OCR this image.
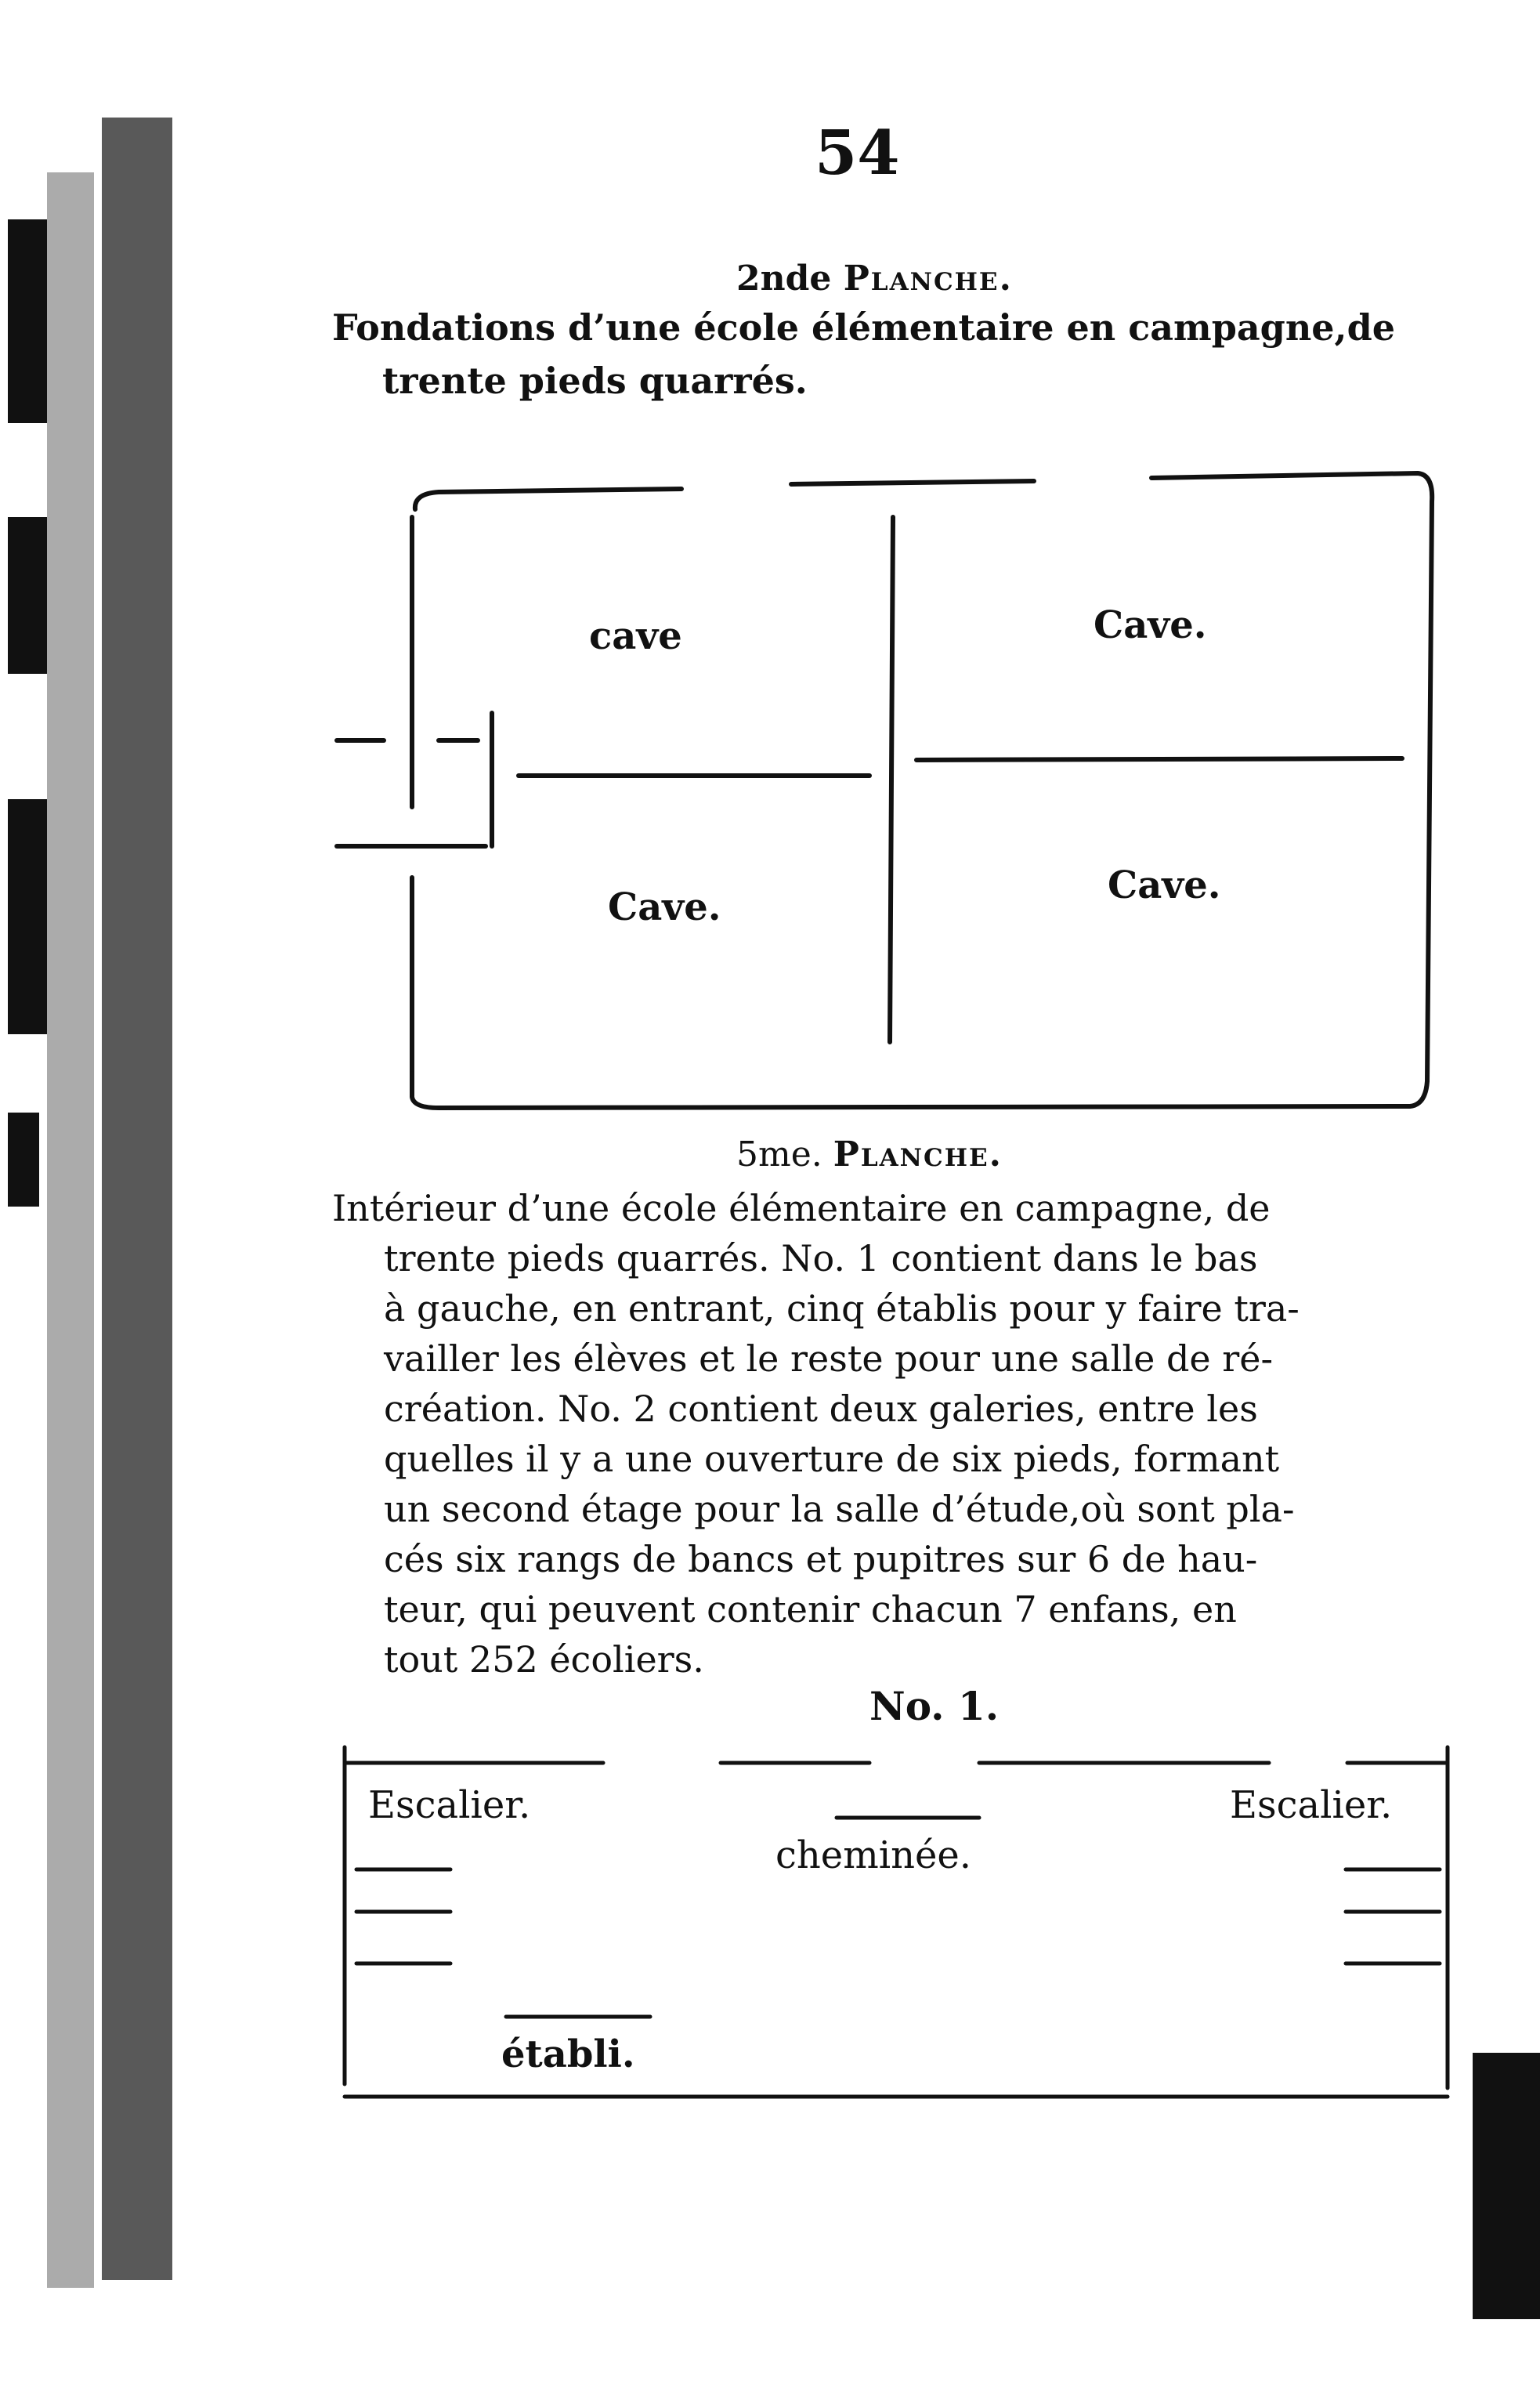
54
2nde Planche.
Fondations d’une école élémentaire en campagne,de
trente pieds quarrés.
cave	Cave.
Cave.	Cave.
5me. Planche.
Intérieur d’une école élémentaire en campagne, de
trente pieds quarrés. No. 1 contient dans le bas
à gauche, en entrant, cinq établis pour y faire tra-
vailler les élèves et le reste pour une salle de ré-
création. No. 2 contient deux galeries, entre les
quelles il y a une ouverture de six pieds, formant
un second étage pour la salle d’étude,où sont pla-
cés six rangs de bancs et pupitres sur 6 de hau-
teur, qui peuvent contenir chacun 7 enfans, en
tout 252 écoliers.
No. 1.
Escalier.	Escalier.
cheminée.
établi.
